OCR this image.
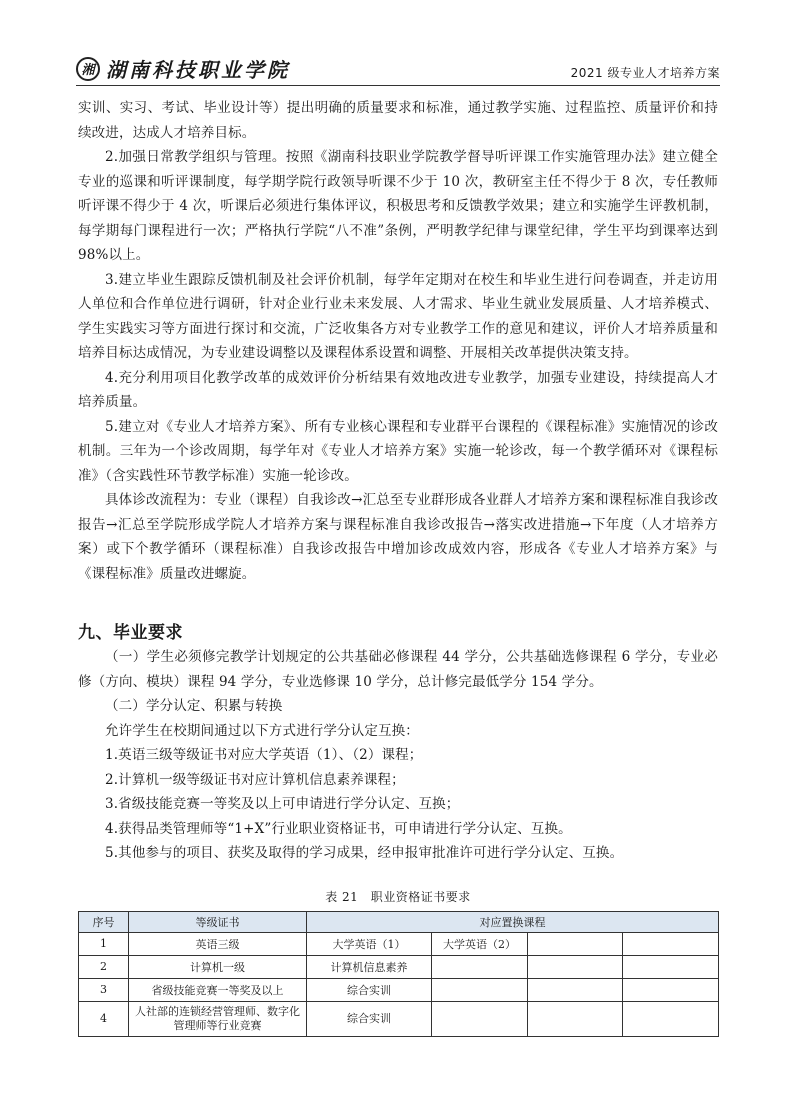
湘 湖南科技职业学院	2021 级专业人才培养方案

实训、实习、考试、毕业设计等）提出明确的质量要求和标准，通过教学实施、过程监控、质量评价和持续改进，达成人才培养目标。

2.加强日常教学组织与管理。按照《湖南科技职业学院教学督导听评课工作实施管理办法》建立健全专业的巡课和听评课制度，每学期学院行政领导听课不少于 10 次，教研室主任不得少于 8 次，专任教师听评课不得少于 4 次，听课后必须进行集体评议，积极思考和反馈教学效果；建立和实施学生评教机制，每学期每门课程进行一次；严格执行学院“八不准”条例，严明教学纪律与课堂纪律，学生平均到课率达到 98%以上。

3.建立毕业生跟踪反馈机制及社会评价机制，每学年定期对在校生和毕业生进行问卷调查，并走访用人单位和合作单位进行调研，针对企业行业未来发展、人才需求、毕业生就业发展质量、人才培养模式、学生实践实习等方面进行探讨和交流，广泛收集各方对专业教学工作的意见和建议，评价人才培养质量和培养目标达成情况，为专业建设调整以及课程体系设置和调整、开展相关改革提供决策支持。

4.充分利用项目化教学改革的成效评价分析结果有效地改进专业教学，加强专业建设，持续提高人才培养质量。

5.建立对《专业人才培养方案》、所有专业核心课程和专业群平台课程的《课程标准》实施情况的诊改机制。三年为一个诊改周期，每学年对《专业人才培养方案》实施一轮诊改，每一个教学循环对《课程标准》（含实践性环节教学标准）实施一轮诊改。

具体诊改流程为：专业（课程）自我诊改→汇总至专业群形成各业群人才培养方案和课程标准自我诊改报告→汇总至学院形成学院人才培养方案与课程标准自我诊改报告→落实改进措施→下年度（人才培养方案）或下个教学循环（课程标准）自我诊改报告中增加诊改成效内容，形成各《专业人才培养方案》与《课程标准》质量改进螺旋。

九、毕业要求

（一）学生必须修完教学计划规定的公共基础必修课程 44 学分，公共基础选修课程 6 学分，专业必修（方向、模块）课程 94 学分，专业选修课 10 学分，总计修完最低学分 154 学分。

（二）学分认定、积累与转换

允许学生在校期间通过以下方式进行学分认定互换：

1.英语三级等级证书对应大学英语（1）、（2）课程；

2.计算机一级等级证书对应计算机信息素养课程；

3.省级技能竞赛一等奖及以上可申请进行学分认定、互换；

4.获得品类管理师等“1+X”行业职业资格证书，可申请进行学分认定、互换。

5.其他参与的项目、获奖及取得的学习成果，经申报审批准许可进行学分认定、互换。

表 21　职业资格证书要求
序号	等级证书	对应置换课程			
1	英语三级	大学英语（1）	大学英语（2）		
2	计算机一级	计算机信息素养			
3	省级技能竞赛一等奖及以上	综合实训			
4	人社部的连锁经营管理师、数字化管理师等行业竞赛	综合实训			
